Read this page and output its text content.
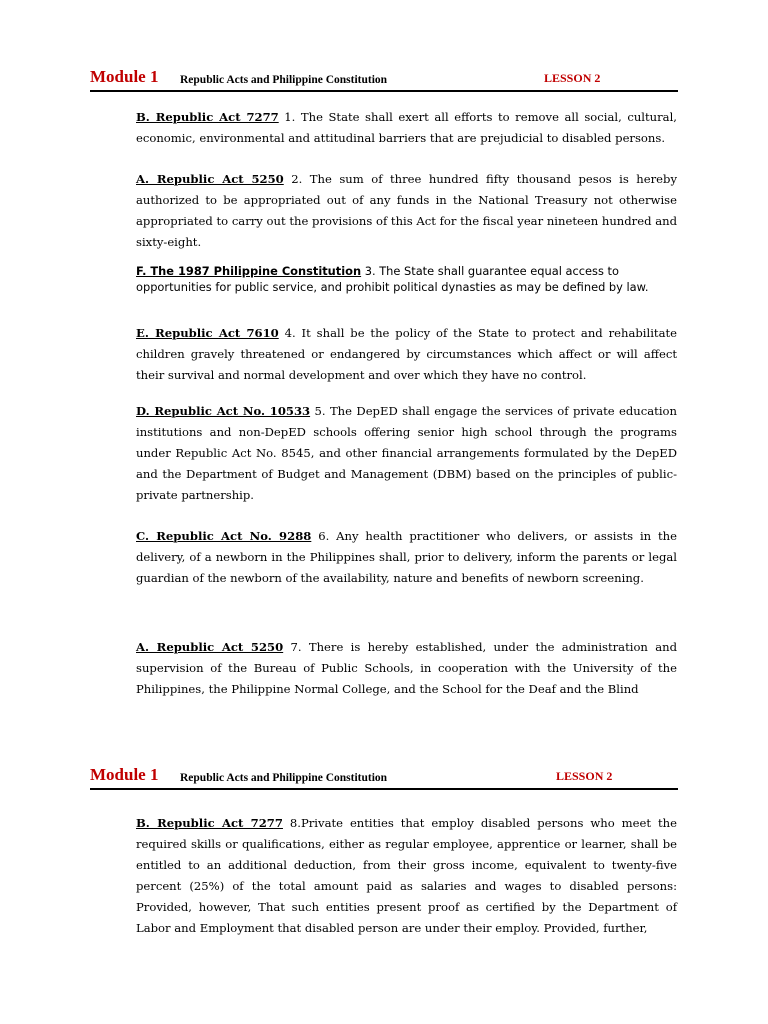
Module 1 Republic Acts and Philippine Constitution	LESSON 2

B. Republic Act 7277 1. The State shall exert all efforts to remove all social, cultural, economic, environmental and attitudinal barriers that are prejudicial to disabled persons.

A. Republic Act 5250 2. The sum of three hundred fifty thousand pesos is hereby authorized to be appropriated out of any funds in the National Treasury not otherwise appropriated to carry out the provisions of this Act for the fiscal year nineteen hundred and sixty-eight.

F. The 1987 Philippine Constitution 3. The State shall guarantee equal access to opportunities for public service, and prohibit political dynasties as may be defined by law.

E. Republic Act 7610 4. It shall be the policy of the State to protect and rehabilitate children gravely threatened or endangered by circumstances which affect or will affect their survival and normal development and over which they have no control.

D. Republic Act No. 10533 5. The DepED shall engage the services of private education institutions and non-DepED schools offering senior high school through the programs under Republic Act No. 8545, and other financial arrangements formulated by the DepED and the Department of Budget and Management (DBM) based on the principles of public-private partnership.

C. Republic Act No. 9288 6. Any health practitioner who delivers, or assists in the delivery, of a newborn in the Philippines shall, prior to delivery, inform the parents or legal guardian of the newborn of the availability, nature and benefits of newborn screening.

A. Republic Act 5250 7. There is hereby established, under the administration and supervision of the Bureau of Public Schools, in cooperation with the University of the Philippines, the Philippine Normal College, and the School for the Deaf and the Blind

Module 1 Republic Acts and Philippine Constitution	LESSON 2

B. Republic Act 7277 8.Private entities that employ disabled persons who meet the required skills or qualifications, either as regular employee, apprentice or learner, shall be entitled to an additional deduction, from their gross income, equivalent to twenty-five percent (25%) of the total amount paid as salaries and wages to disabled persons: Provided, however, That such entities present proof as certified by the Department of Labor and Employment that disabled person are under their employ. Provided, further,
